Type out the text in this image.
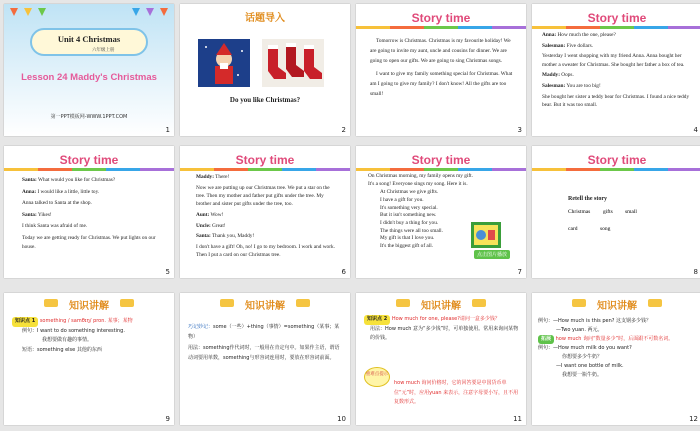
Unit 4 Christmas
六年级上册
Lesson 24 Maddy's Christmas
第一PPT模板网-WWW.1PPT.COM
1
话题导入
Do you like Christmas?
2
Story time

Tomorrow is Christmas. Christmas is my favourite holiday! We are going to invite my aunt, uncle and cousins for dinner. We are going to open our gifts. We are going to sing Christmas songs.

I want to give my family something special for Christmas. What am I going to give my family? I don't know! All the gifts are too small!

3
Story time

Anna: How much the one, please?

Salesman: Five dollars.

Yesterday I went shopping with my friend Anna. Anna bought her mother a sweater for Christmas. She bought her father a box of tea.

Maddy: Oops.

Salesman: You are too big!

She bought her sister a teddy bear for Christmas. I found a nice teddy bear. But it was too small.

4
Story time

Santa: What would you like for Christmas?

Anna: I would like a little, little toy.

Anna talked to Santa at the shop.

Santa: Yikes!

I think Santa was afraid of me.

Today we are getting ready for Christmas. We put lights on our house.

5
Story time

Maddy: There!

Now we are putting up our Christmas tree. We put a star on the tree. Then my mother and father put gifts under the tree. My brother and sister put gifts under the tree, too.

Aunt: Wow!

Uncle: Great!

Santa: Thank you, Maddy!

I don't have a gift! Oh, no! I go to my bedroom. I work and work. Then I put a card on our Christmas tree.

6
Story time

On Christmas morning, my family opens my gift.

It's a song! Everyone sings my song. Here it is.

At Christmas we give gifts.
I have a gift for you.
It's something very special.
But it isn't something new.
I didn't buy a thing for you.
The things were all too small.
My gift is that I love you.
It's the biggest gift of all.
点击图片播放
7
Story time
Retell the story
Christmas gifts small
card	song
8
知识讲解
知识点 1 something / samθɪŋ/ pron. 某事；某物
例句：I want to do something interesting.
我想要做有趣的事情。
短语：something else 其他的东西
9
知识讲解
巧记妙记：some（一些）+thing（事情）=something（某事；某物）
用法：something作代词时，一般用在肯定句中。如果作主语，谓语动词要用单数，something与形容词连用时，要放在形容词前面。
10
知识讲解
知识点 2 How much for one, please?请问一盒多少钱？
用法：How much 意为“多少钱”时，可单独使用。常用来询问某物的价钱。
重难点提示
how much 询问价格时，它的回答要是中国货币单位“元”时，应用yuan 来表示，注意字母要小写，且不用复数形式。
11
知识讲解
例句：—How much is this pen? 这支钢多少钱？
—Two yuan. 两元。
拓展 how much 询问“数量多少”时，后面跟不可数名词。
例句：—How much milk do you want?
你想要多少牛奶？
—I want one bottle of milk.
我想要一瓶牛奶。
12
